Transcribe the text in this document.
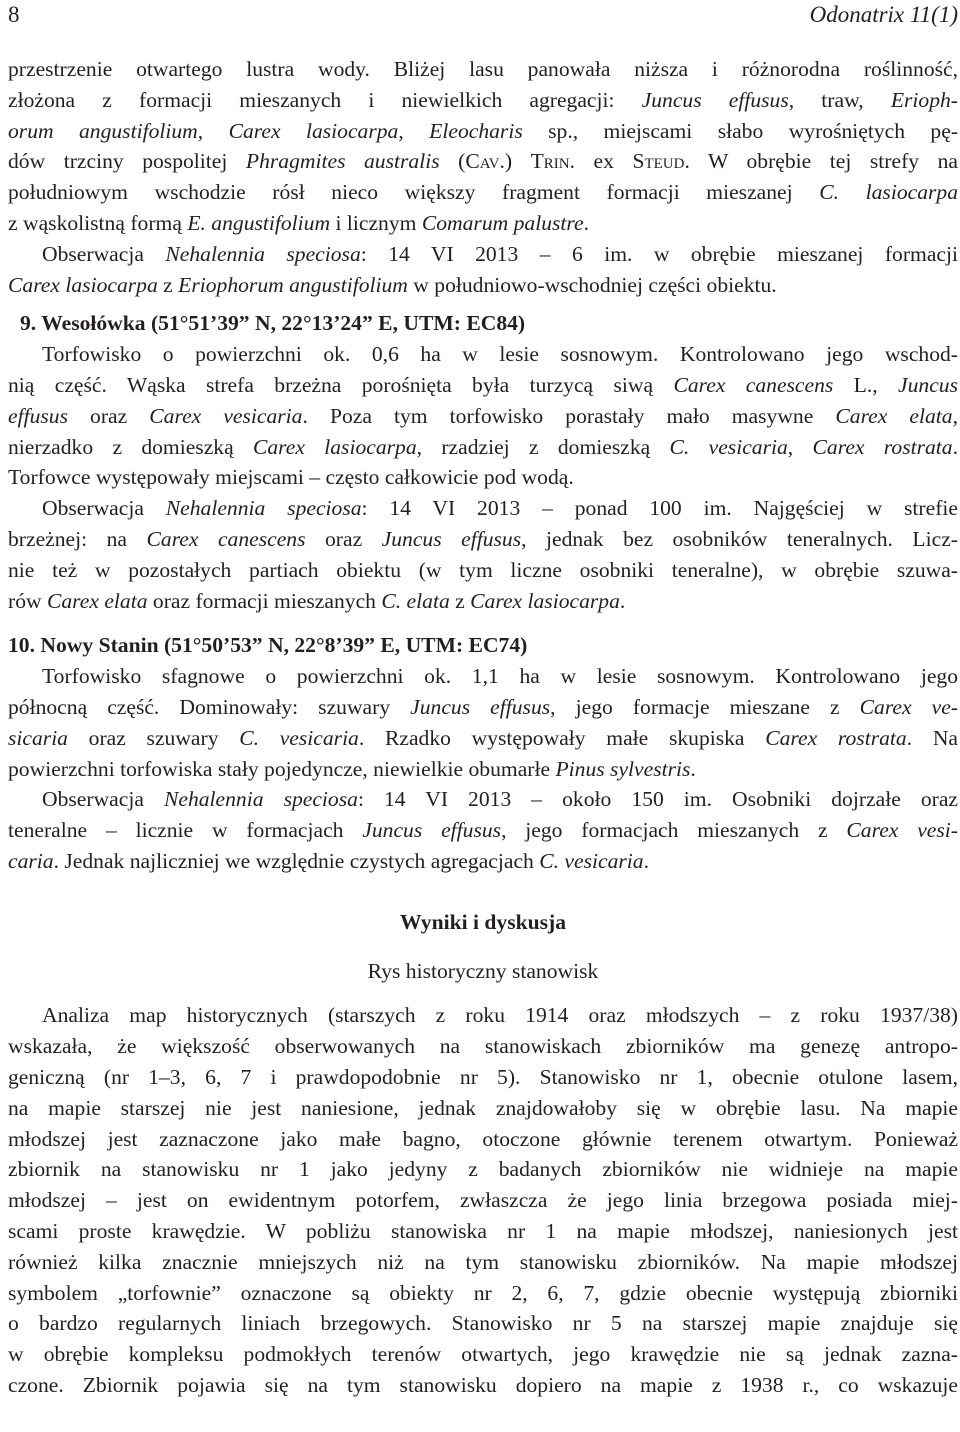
8	Odonatrix 11(1)
przestrzenie otwartego lustra wody. Bliżej lasu panowała niższa i różnorodna roślinność,
złożona z formacji mieszanych i niewielkich agregacji: Juncus effusus, traw, Erioph-
orum angustifolium, Carex lasiocarpa, Eleocharis sp., miejscami słabo wyrośniętych pę-
dów trzciny pospolitej Phragmites australis (Cav.) Trin. ex Steud. W obrębie tej strefy na
południowym wschodzie rósł nieco większy fragment formacji mieszanej C. lasiocarpa
z wąskolistną formą E. angustifolium i licznym Comarum palustre.
Obserwacja Nehalennia speciosa: 14 VI 2013 – 6 im. w obrębie mieszanej formacji
Carex lasiocarpa z Eriophorum angustifolium w południowo-wschodniej części obiektu.
9. Wesołówka (51°51’39” N, 22°13’24” E, UTM: EC84)
Torfowisko o powierzchni ok. 0,6 ha w lesie sosnowym. Kontrolowano jego wschod-
nią część. Wąska strefa brzeżna porośnięta była turzycą siwą Carex canescens L., Juncus
effusus oraz Carex vesicaria. Poza tym torfowisko porastały mało masywne Carex elata,
nierzadko z domieszką Carex lasiocarpa, rzadziej z domieszką C. vesicaria, Carex rostrata.
Torfowce występowały miejscami – często całkowicie pod wodą.
Obserwacja Nehalennia speciosa: 14 VI 2013 – ponad 100 im. Najgęściej w strefie
brzeżnej: na Carex canescens oraz Juncus effusus, jednak bez osobników teneralnych. Licz-
nie też w pozostałych partiach obiektu (w tym liczne osobniki teneralne), w obrębie szuwa-
rów Carex elata oraz formacji mieszanych C. elata z Carex lasiocarpa.
10. Nowy Stanin (51°50’53” N, 22°8’39” E, UTM: EC74)
Torfowisko sfagnowe o powierzchni ok. 1,1 ha w lesie sosnowym. Kontrolowano jego
północną część. Dominowały: szuwary Juncus effusus, jego formacje mieszane z Carex ve-
sicaria oraz szuwary C. vesicaria. Rzadko występowały małe skupiska Carex rostrata. Na
powierzchni torfowiska stały pojedyncze, niewielkie obumarłe Pinus sylvestris.
Obserwacja Nehalennia speciosa: 14 VI 2013 – około 150 im. Osobniki dojrzałe oraz
teneralne – licznie w formacjach Juncus effusus, jego formacjach mieszanych z Carex vesi-
caria. Jednak najliczniej we względnie czystych agregacjach C. vesicaria.
Wyniki i dyskusja
Rys historyczny stanowisk
Analiza map historycznych (starszych z roku 1914 oraz młodszych – z roku 1937/38)
wskazała, że większość obserwowanych na stanowiskach zbiorników ma genezę antropo-
geniczną (nr 1–3, 6, 7 i prawdopodobnie nr 5). Stanowisko nr 1, obecnie otulone lasem,
na mapie starszej nie jest naniesione, jednak znajdowałoby się w obrębie lasu. Na mapie
młodszej jest zaznaczone jako małe bagno, otoczone głównie terenem otwartym. Ponieważ
zbiornik na stanowisku nr 1 jako jedyny z badanych zbiorników nie widnieje na mapie
młodszej – jest on ewidentnym potorfem, zwłaszcza że jego linia brzegowa posiada miej-
scami proste krawędzie. W pobliżu stanowiska nr 1 na mapie młodszej, naniesionych jest
również kilka znacznie mniejszych niż na tym stanowisku zbiorników. Na mapie młodszej
symbolem „torfownie” oznaczone są obiekty nr 2, 6, 7, gdzie obecnie występują zbiorniki
o bardzo regularnych liniach brzegowych. Stanowisko nr 5 na starszej mapie znajduje się
w obrębie kompleksu podmokłych terenów otwartych, jego krawędzie nie są jednak zazna-
czone. Zbiornik pojawia się na tym stanowisku dopiero na mapie z 1938 r., co wskazuje
